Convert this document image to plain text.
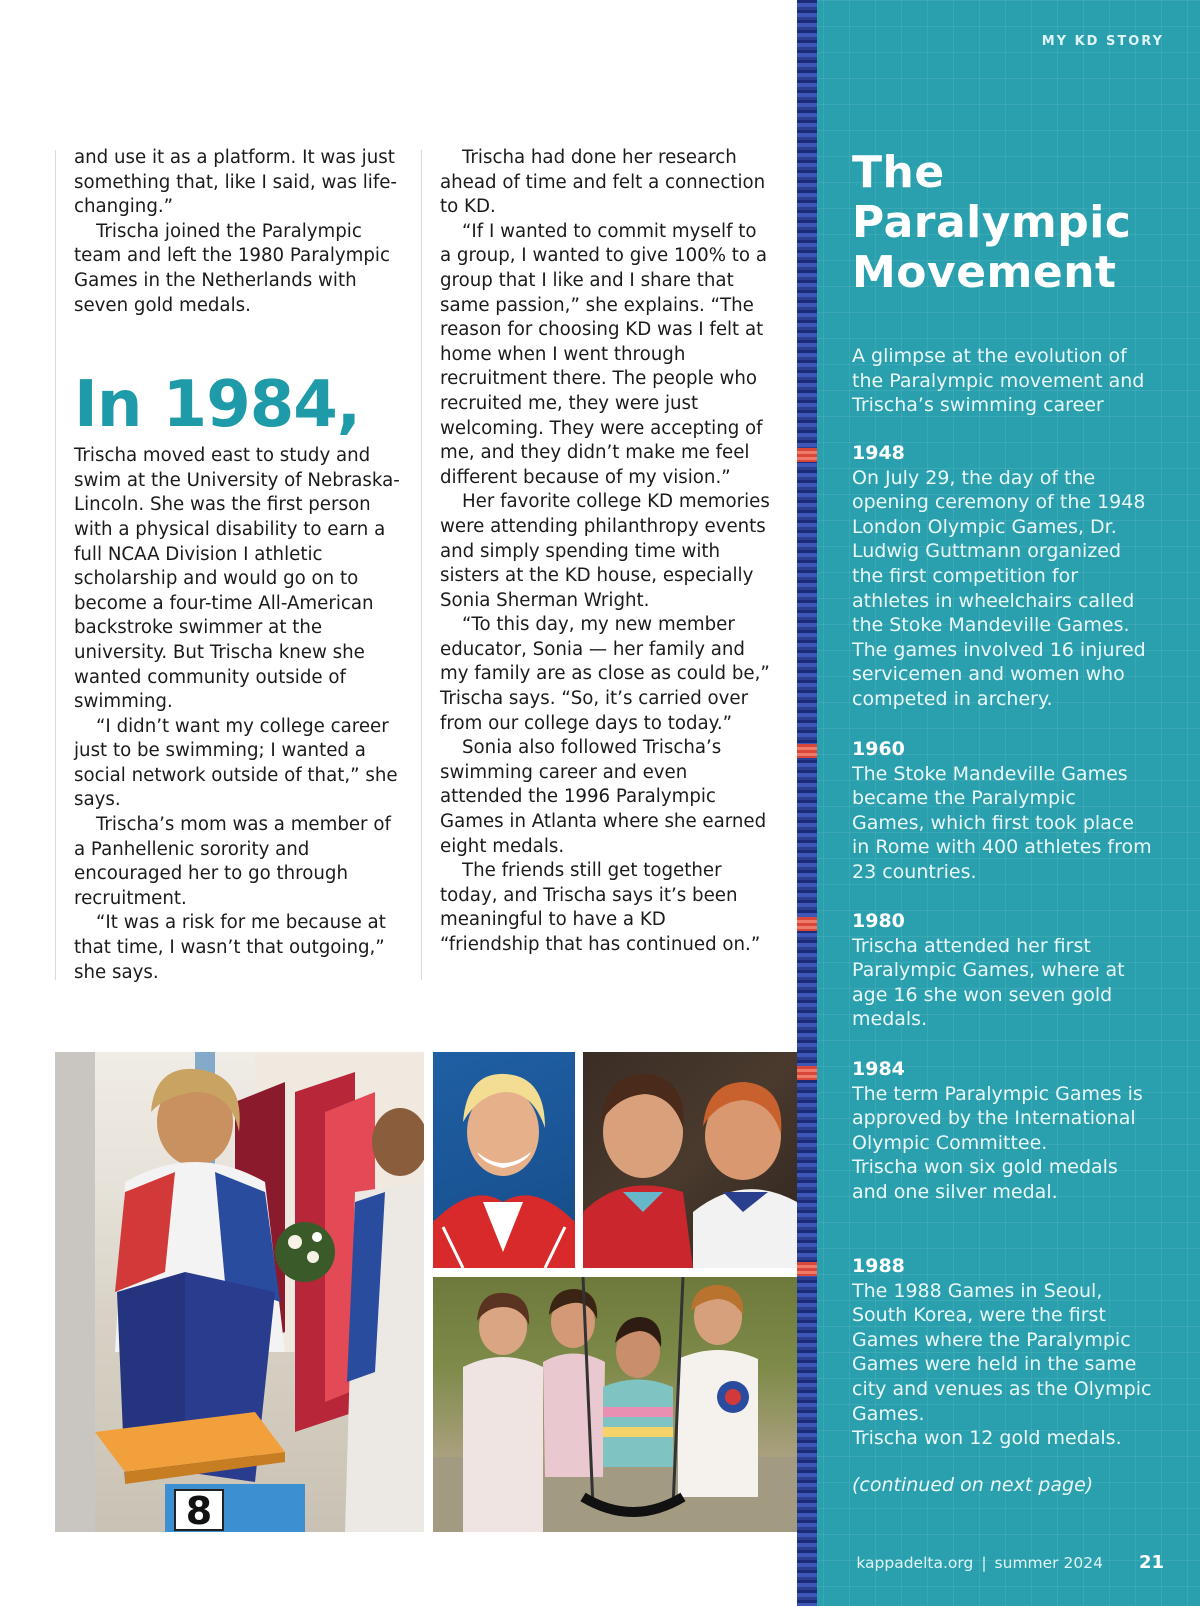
and use it as a platform. It was just something that, like I said, was life-changing.”

Trischa joined the Paralympic team and left the 1980 Paralympic Games in the Netherlands with seven gold medals.

In 1984,

Trischa moved east to study and swim at the University of Nebraska-Lincoln. She was the first person with a physical disability to earn a full NCAA Division I athletic scholarship and would go on to become a four-time All-American backstroke swimmer at the university. But Trischa knew she wanted community outside of swimming.

“I didn’t want my college career just to be swimming; I wanted a social network outside of that,” she says.

Trischa’s mom was a member of a Panhellenic sorority and encouraged her to go through recruitment.

“It was a risk for me because at that time, I wasn’t that outgoing,” she says.

Trischa had done her research ahead of time and felt a connection to KD.

“If I wanted to commit myself to a group, I wanted to give 100% to a group that I like and I share that same passion,” she explains. “The reason for choosing KD was I felt at home when I went through recruitment there. The people who recruited me, they were just welcoming. They were accepting of me, and they didn’t make me feel different because of my vision.”

Her favorite college KD memories were attending philanthropy events and simply spending time with sisters at the KD house, especially Sonia Sherman Wright.

“To this day, my new member educator, Sonia — her family and my family are as close as could be,” Trischa says. “So, it’s carried over from our college days to today.”

Sonia also followed Trischa’s swimming career and even attended the 1996 Paralympic Games in Atlanta where she earned eight medals.

The friends still get together today, and Trischa says it’s been meaningful to have a KD “friendship that has continued on.”

8
MY KD STORY
The
Paralympic
Movement

A glimpse at the evolution of the Paralympic movement and Trischa’s swimming career

1948
On July 29, the day of the opening ceremony of the 1948 London Olympic Games, Dr. Ludwig Guttmann organized the first competition for athletes in wheelchairs called the Stoke Mandeville Games. The games involved 16 injured servicemen and women who competed in archery.
1960
The Stoke Mandeville Games became the Paralympic Games, which first took place in Rome with 400 athletes from 23 countries.
1980
Trischa attended her first Paralympic Games, where at age 16 she won seven gold medals.
1984
The term Paralympic Games is approved by the International Olympic Committee.
Trischa won six gold medals and one silver medal.
1988
The 1988 Games in Seoul, South Korea, were the first Games where the Paralympic Games were held in the same city and venues as the Olympic Games.
Trischa won 12 gold medals.
(continued on next page)
kappadelta.org | summer 2024 21
